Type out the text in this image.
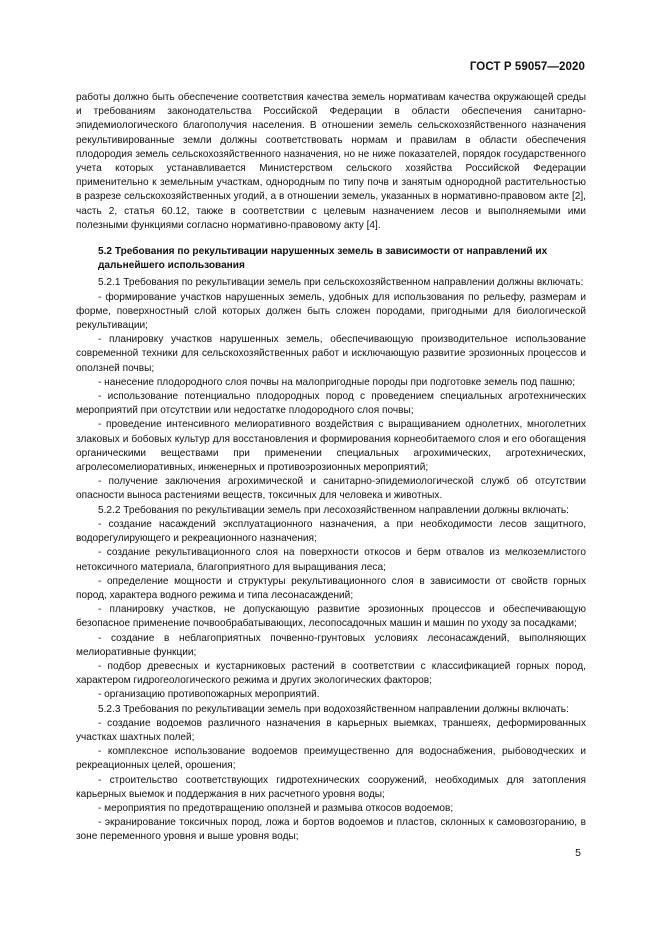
ГОСТ Р 59057—2020

работы должно быть обеспечение соответствия качества земель нормативам качества окружающей среды и требованиям законодательства Российской Федерации в области обеспечения санитарно-эпидемиологического благополучия населения. В отношении земель сельскохозяйственного назначения рекультивированные земли должны соответствовать нормам и правилам в области обеспечения плодородия земель сельскохозяйственного назначения, но не ниже показателей, порядок государственного учета которых устанавливается Министерством сельского хозяйства Российской Федерации применительно к земельным участкам, однородным по типу почв и занятым однородной растительностью в разрезе сельскохозяйственных угодий, а в отношении земель, указанных в нормативно-правовом акте [2], часть 2, статья 60.12, также в соответствии с целевым назначением лесов и выполняемыми ими полезными функциями согласно нормативно-правовому акту [4].

5.2 Требования по рекультивации нарушенных земель в зависимости от направлений их дальнейшего использования

5.2.1 Требования по рекультивации земель при сельскохозяйственном направлении должны включать:

- формирование участков нарушенных земель, удобных для использования по рельефу, размерам и форме, поверхностный слой которых должен быть сложен породами, пригодными для биологической рекультивации;

- планировку участков нарушенных земель, обеспечивающую производительное использование современной техники для сельскохозяйственных работ и исключающую развитие эрозионных процессов и оползней почвы;

- нанесение плодородного слоя почвы на малопригодные породы при подготовке земель под пашню;

- использование потенциально плодородных пород с проведением специальных агротехнических мероприятий при отсутствии или недостатке плодородного слоя почвы;

- проведение интенсивного мелиоративного воздействия с выращиванием однолетних, многолетних злаковых и бобовых культур для восстановления и формирования корнеобитаемого слоя и его обогащения органическими веществами при применении специальных агрохимических, агротехнических, агролесомелиоративных, инженерных и противоэрозионных мероприятий;

- получение заключения агрохимической и санитарно-эпидемиологической служб об отсутствии опасности выноса растениями веществ, токсичных для человека и животных.

5.2.2 Требования по рекультивации земель при лесохозяйственном направлении должны включать:

- создание насаждений эксплуатационного назначения, а при необходимости лесов защитного, водорегулирующего и рекреационного назначения;

- создание рекультивационного слоя на поверхности откосов и берм отвалов из мелкоземлистого нетоксичного материала, благоприятного для выращивания леса;

- определение мощности и структуры рекультивационного слоя в зависимости от свойств горных пород, характера водного режима и типа лесонасаждений;

- планировку участков, не допускающую развитие эрозионных процессов и обеспечивающую безопасное применение почвообрабатывающих, лесопосадочных машин и машин по уходу за посадками;

- создание в неблагоприятных почвенно-грунтовых условиях лесонасаждений, выполняющих мелиоративные функции;

- подбор древесных и кустарниковых растений в соответствии с классификацией горных пород, характером гидрогеологического режима и других экологических факторов;

- организацию противопожарных мероприятий.

5.2.3 Требования по рекультивации земель при водохозяйственном направлении должны включать:

- создание водоемов различного назначения в карьерных выемках, траншеях, деформированных участках шахтных полей;

- комплексное использование водоемов преимущественно для водоснабжения, рыбоводческих и рекреационных целей, орошения;

- строительство соответствующих гидротехнических сооружений, необходимых для затопления карьерных выемок и поддержания в них расчетного уровня воды;

- мероприятия по предотвращению оползней и размыва откосов водоемов;

- экранирование токсичных пород, ложа и бортов водоемов и пластов, склонных к самовозгоранию, в зоне переменного уровня и выше уровня воды;

5
